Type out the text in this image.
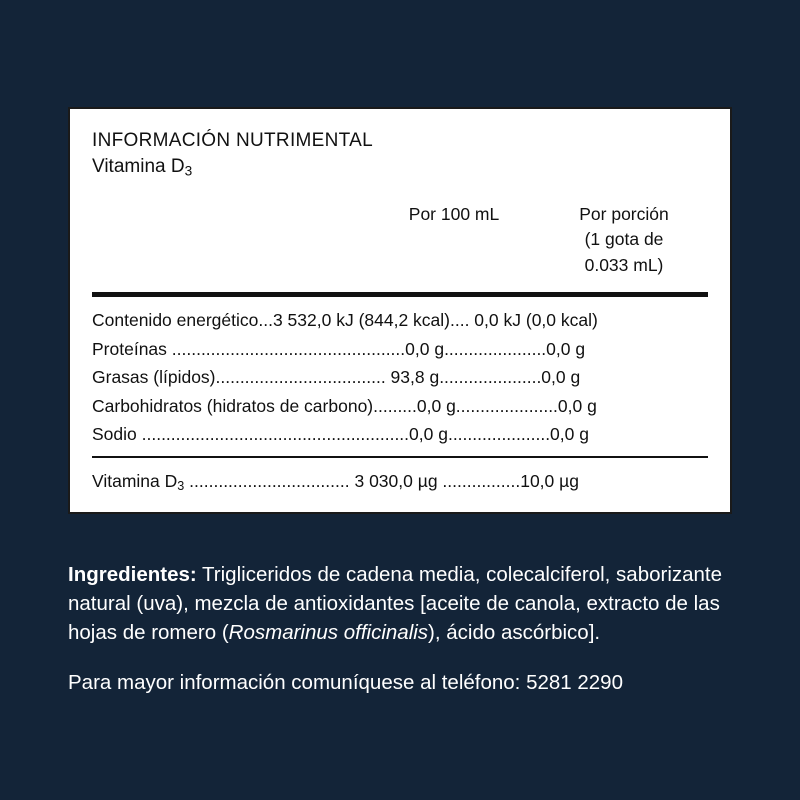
INFORMACIÓN NUTRIMENTAL
Vitamina $D_3$
Por 100 mL	Por porción
(1 gota de
0.033 mL)
Contenido energético...3 532,0 kJ (844,2 kcal).... 0,0 kJ (0,0 kcal)
Proteínas ................................................0,0 g.....................0,0 g
Grasas (lípidos)................................... 93,8 g.....................0,0 g
Carbohidratos (hidratos de carbono).........0,0 g.....................0,0 g
Sodio .......................................................0,0 g.....................0,0 g
Vitamina $D_3$ ................................. 3 030,0 µg ................10,0 µg
Ingredientes: Trigliceridos de cadena media, colecalciferol, saborizante natural (uva), mezcla de antioxidantes [aceite de canola, extracto de las hojas de romero (Rosmarinus officinalis), ácido ascórbico].
Para mayor información comuníquese al teléfono: 5281 2290
